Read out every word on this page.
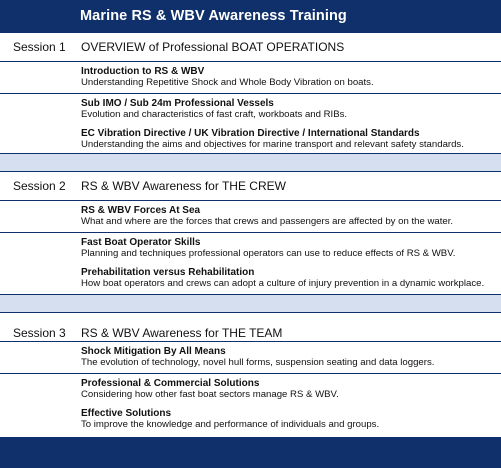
Marine RS & WBV Awareness Training
Session 1 OVERVIEW of Professional BOAT OPERATIONS
Introduction to RS & WBV
Understanding Repetitive Shock and Whole Body Vibration on boats.
Sub IMO / Sub 24m Professional Vessels
Evolution and characteristics of fast craft, workboats and RIBs.
EC Vibration Directive / UK Vibration Directive / International Standards
Understanding the aims and objectives for marine transport and relevant safety standards.
Session 2 RS & WBV Awareness for THE CREW
RS & WBV Forces At Sea
What and where are the forces that crews and passengers are affected by on the water.
Fast Boat Operator Skills
Planning and techniques professional operators can use to reduce effects of RS & WBV.
Prehabilitation versus Rehabilitation
How boat operators and crews can adopt a culture of injury prevention in a dynamic workplace.
Session 3 RS & WBV Awareness for THE TEAM
Shock Mitigation By All Means
The evolution of technology, novel hull forms, suspension seating and data loggers.
Professional & Commercial Solutions
Considering how other fast boat sectors manage RS & WBV.
Effective Solutions
To improve the knowledge and performance of individuals and groups.
